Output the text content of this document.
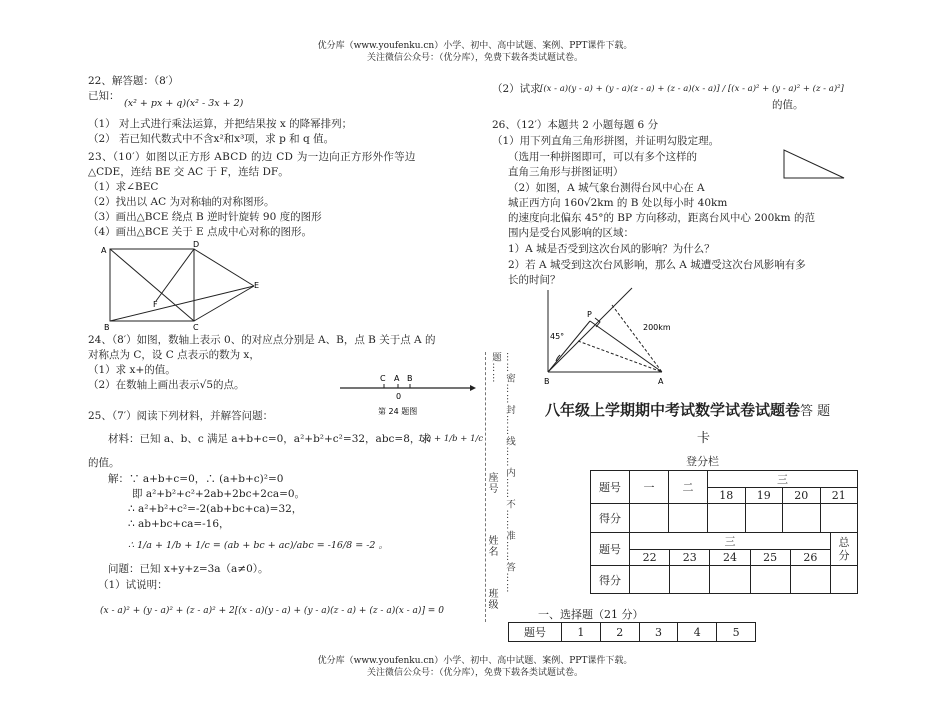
优分库（www.youfenku.cn）小学、初中、高中试题、案例、PPT课件下载。
关注微信公众号：（优分库），免费下载各类试题试卷。
22、解答题：（8′）
已知：
(x² + px + q)(x² - 3x + 2)
（1） 对上式进行乘法运算，并把结果按 x 的降幂排列；
（2） 若已知代数式中不含x²和x³项，求 p 和 q 值。
23、（10′）如图以正方形 ABCD 的边 CD 为一边向正方形外作等边
△CDE，连结 BE 交 AC 于 F，连结 DF。
（1）求∠BEC
（2）找出以 AC 为对称轴的对称图形。
（3）画出△BCE 绕点 B 逆时针旋转 90 度的图形
（4）画出△BCE 关于 E 点成中心对称的图形。
A
D
E
F
B	C
24、（8′）如图，数轴上表示 0、的对应点分别是 A、B，点 B 关于点 A 的
对称点为 C，设 C 点表示的数为 x，
（1）求 x+的值。
（2）在数轴上画出表示√5的点。
C A B
0
第 24 题图
25、（7′）阅读下列材料，并解答问题：
材料：已知 a、b、c 满足 a+b+c=0，a²+b²+c²=32，abc=8，求
1/a + 1/b + 1/c
的值。
解：∵ a+b+c=0，∴ (a+b+c)²=0
即 a²+b²+c²+2ab+2bc+2ca=0。
∴ a²+b²+c²=-2(ab+bc+ca)=32，
∴ ab+bc+ca=-16，
∴ 1/a + 1/b + 1/c = (ab + bc + ac)/abc = -16/8 = -2 。
问题：已知 x+y+z=3a（a≠0）。
（1）试说明：
(x - a)² + (y - a)² + (z - a)² + 2[(x - a)(y - a) + (y - a)(z - a) + (z - a)(x - a)] = 0
（2）试求 [(x - a)(y - a) + (y - a)(z - a) + (z - a)(x - a)] / [(x - a)² + (y - a)² + (z - a)²]
的值。
26、（12′）本题共 2 小题每题 6 分
（1）用下列直角三角形拼图，并证明勾股定理。
（选用一种拼图即可，可以有多个这样的
直角三角形与拼图证明）
（2）如图，A 城气象台测得台风中心在 A
城正西方向 160√2km 的 B 处以每小时 40km
的速度向北偏东 45°的 BP 方向移动，距离台风中心 200km 的范
围内是受台风影响的区域：
1）A 城是否受到这次台风的影响？为什么？
2）若 A 城受到这次台风影响，那么 A 城遭受这次台风影响有多
长的时间？
P
200km
45°
B	A
……密……封……线……内……不……准……答……题……
班级
姓名
座号
八年级上学期期中考试数学试卷试题卷答 题
卡
登分栏
题号	一	二	三			
			18	19	20	21
得分						
题号	三					总分
	22	23	24	25	26	
得分						
一、选择题（21 分）
题号	1	2	3	4	5
优分库（www.youfenku.cn）小学、初中、高中试题、案例、PPT课件下载。
关注微信公众号：（优分库），免费下载各类试题试卷。
